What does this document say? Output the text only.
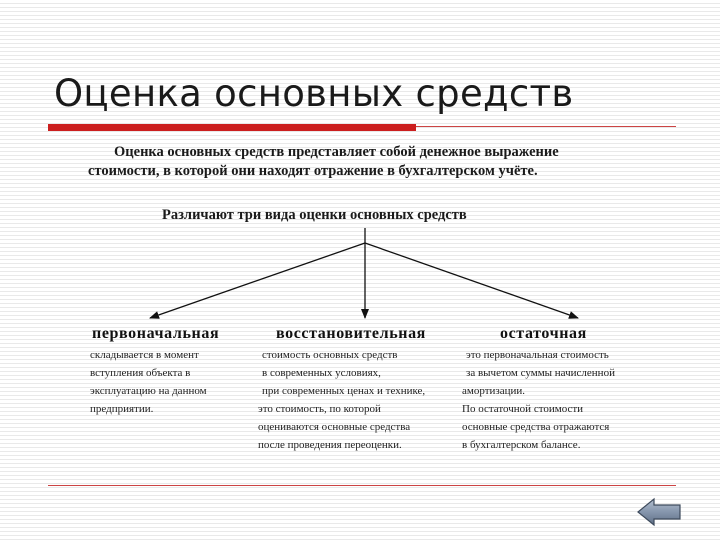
Оценка основных средств
Оценка основных средств представляет собой денежное выражение
стоимости, в которой они находят отражение в бухгалтерском учёте.
Различают три вида оценки основных средств
первоначальная	восстановительная	остаточная
складывается в момент
вступления объекта в
эксплуатацию на данном
предприятии.
стоимость основных средств
в современных условиях,
при современных ценах и технике,
это стоимость, по которой
оцениваются основные средства
после проведения переоценки.
это первоначальная стоимость
за вычетом суммы начисленной
амортизации.
По остаточной стоимости
основные средства отражаются
в бухгалтерском балансе.
